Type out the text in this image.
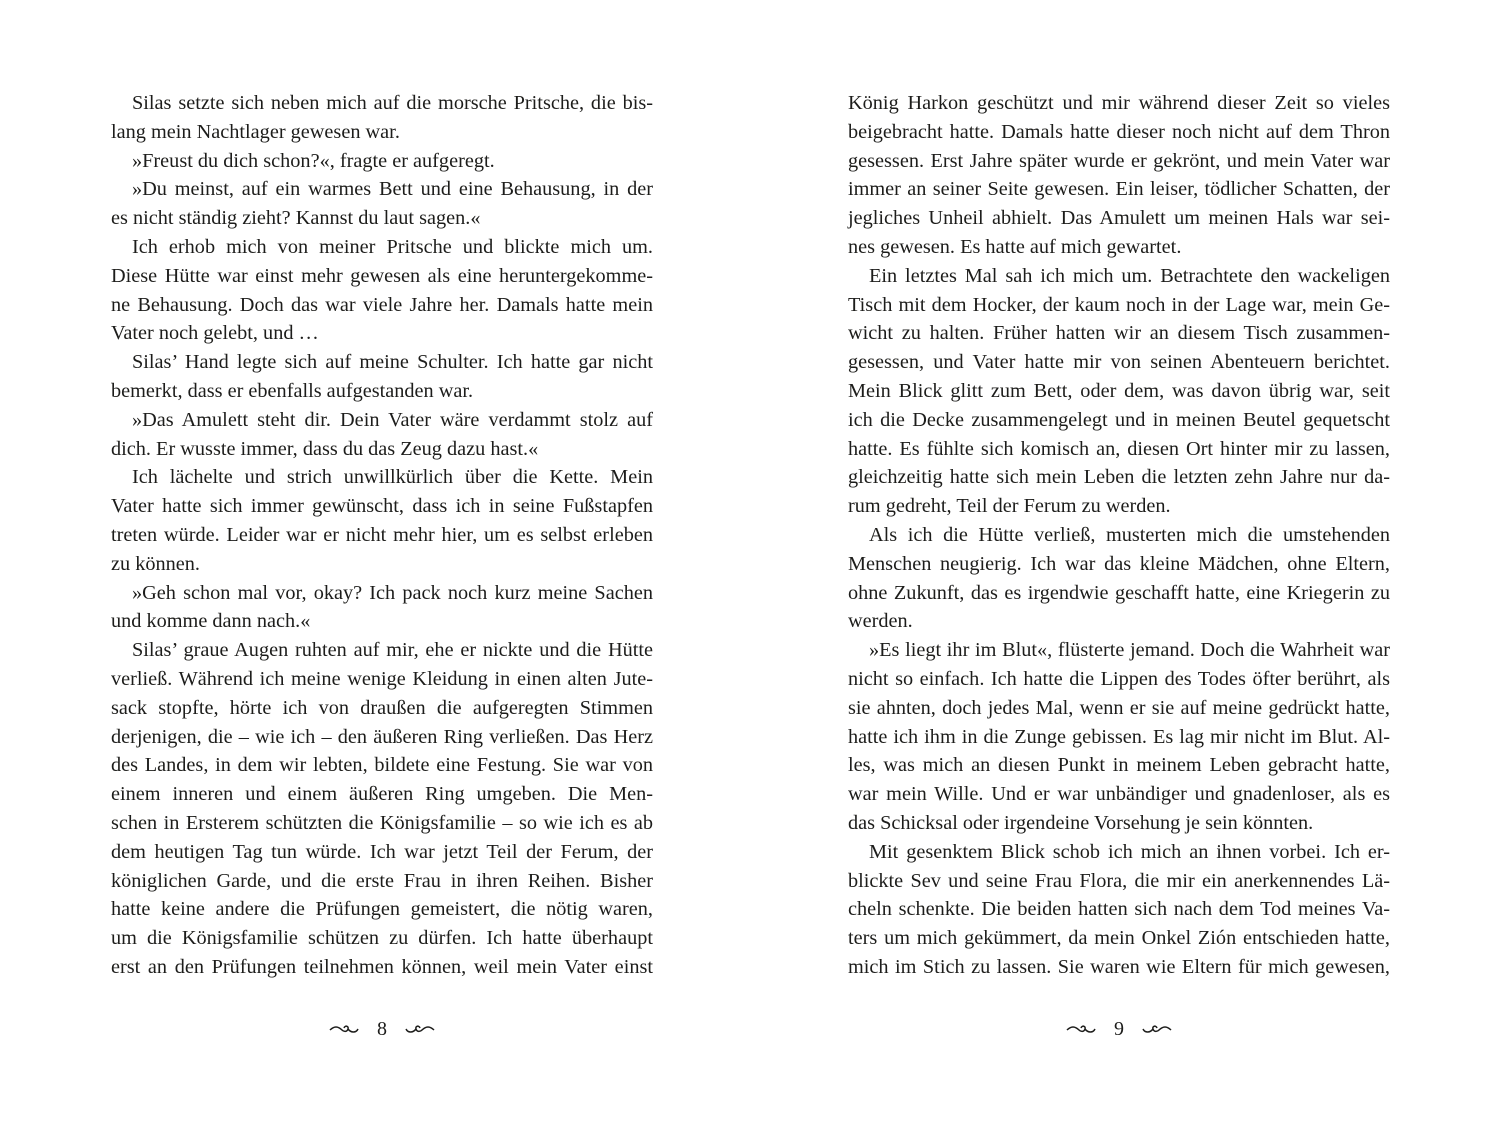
Silas setzte sich neben mich auf die morsche Pritsche, die bis-
lang mein Nachtlager gewesen war.
»Freust du dich schon?«, fragte er aufgeregt.
»Du meinst, auf ein warmes Bett und eine Behausung, in der
es nicht ständig zieht? Kannst du laut sagen.«
Ich erhob mich von meiner Pritsche und blickte mich um.
Diese Hütte war einst mehr gewesen als eine heruntergekomme-
ne Behausung. Doch das war viele Jahre her. Damals hatte mein
Vater noch gelebt, und …
Silas’ Hand legte sich auf meine Schulter. Ich hatte gar nicht
bemerkt, dass er ebenfalls aufgestanden war.
»Das Amulett steht dir. Dein Vater wäre verdammt stolz auf
dich. Er wusste immer, dass du das Zeug dazu hast.«
Ich lächelte und strich unwillkürlich über die Kette. Mein
Vater hatte sich immer gewünscht, dass ich in seine Fußstapfen
treten würde. Leider war er nicht mehr hier, um es selbst erleben
zu können.
»Geh schon mal vor, okay? Ich pack noch kurz meine Sachen
und komme dann nach.«
Silas’ graue Augen ruhten auf mir, ehe er nickte und die Hütte
verließ. Während ich meine wenige Kleidung in einen alten Jute-
sack stopfte, hörte ich von draußen die aufgeregten Stimmen
derjenigen, die – wie ich – den äußeren Ring verließen. Das Herz
des Landes, in dem wir lebten, bildete eine Festung. Sie war von
einem inneren und einem äußeren Ring umgeben. Die Men-
schen in Ersterem schützten die Königsfamilie – so wie ich es ab
dem heutigen Tag tun würde. Ich war jetzt Teil der Ferum, der
königlichen Garde, und die erste Frau in ihren Reihen. Bisher
hatte keine andere die Prüfungen gemeistert, die nötig waren,
um die Königsfamilie schützen zu dürfen. Ich hatte überhaupt
erst an den Prüfungen teilnehmen können, weil mein Vater einst
8
König Harkon geschützt und mir während dieser Zeit so vieles
beigebracht hatte. Damals hatte dieser noch nicht auf dem Thron
gesessen. Erst Jahre später wurde er gekrönt, und mein Vater war
immer an seiner Seite gewesen. Ein leiser, tödlicher Schatten, der
jegliches Unheil abhielt. Das Amulett um meinen Hals war sei-
nes gewesen. Es hatte auf mich gewartet.
Ein letztes Mal sah ich mich um. Betrachtete den wackeligen
Tisch mit dem Hocker, der kaum noch in der Lage war, mein Ge-
wicht zu halten. Früher hatten wir an diesem Tisch zusammen-
gesessen, und Vater hatte mir von seinen Abenteuern berichtet.
Mein Blick glitt zum Bett, oder dem, was davon übrig war, seit
ich die Decke zusammengelegt und in meinen Beutel gequetscht
hatte. Es fühlte sich komisch an, diesen Ort hinter mir zu lassen,
gleichzeitig hatte sich mein Leben die letzten zehn Jahre nur da-
rum gedreht, Teil der Ferum zu werden.
Als ich die Hütte verließ, musterten mich die umstehenden
Menschen neugierig. Ich war das kleine Mädchen, ohne Eltern,
ohne Zukunft, das es irgendwie geschafft hatte, eine Kriegerin zu
werden.
»Es liegt ihr im Blut«, flüsterte jemand. Doch die Wahrheit war
nicht so einfach. Ich hatte die Lippen des Todes öfter berührt, als
sie ahnten, doch jedes Mal, wenn er sie auf meine gedrückt hatte,
hatte ich ihm in die Zunge gebissen. Es lag mir nicht im Blut. Al-
les, was mich an diesen Punkt in meinem Leben gebracht hatte,
war mein Wille. Und er war unbändiger und gnadenloser, als es
das Schicksal oder irgendeine Vorsehung je sein könnten.
Mit gesenktem Blick schob ich mich an ihnen vorbei. Ich er-
blickte Sev und seine Frau Flora, die mir ein anerkennendes Lä-
cheln schenkte. Die beiden hatten sich nach dem Tod meines Va-
ters um mich gekümmert, da mein Onkel Zión entschieden hatte,
mich im Stich zu lassen. Sie waren wie Eltern für mich gewesen,
9
